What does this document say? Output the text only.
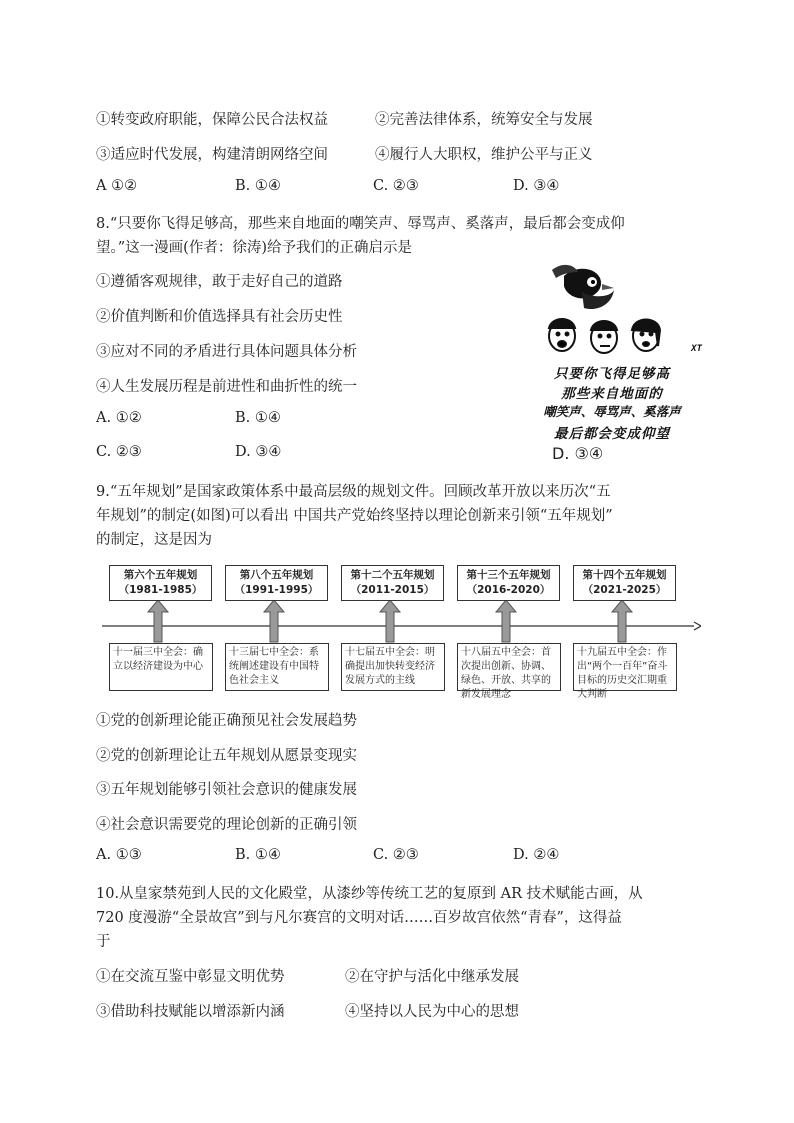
①转变政府职能，保障公民合法权益	②完善法律体系，统筹安全与发展
③适应时代发展，构建清朗网络空间	④履行人大职权，维护公平与正义
A ①②	B. ①④	C. ②③	D. ③④
8.“只要你飞得足够高，那些来自地面的嘲笑声、辱骂声、奚落声，最后都会变成仰
望。”这一漫画(作者：徐涛)给予我们的正确启示是
①遵循客观规律，敢于走好自己的道路
②价值判断和价值选择具有社会历史性
③应对不同的矛盾进行具体问题具体分析
④人生发展历程是前进性和曲折性的统一
A. ①②	B. ①④
C. ②③	D. ③④
XT
只要你飞得足够高
那些来自地面的
嘲笑声、辱骂声、奚落声
最后都会变成仰望
D. ③④
9.“五年规划”是国家政策体系中最高层级的规划文件。回顾改革开放以来历次“五
年规划”的制定(如图)可以看出 中国共产党始终坚持以理论创新来引领“五年规划”
的制定，这是因为
第六个五年规划
（1981-1985）
第八个五年规划
（1991-1995）
第十二个五年规划
（2011-2015）
第十三个五年规划
（2016-2020）
第十四个五年规划
（2021-2025）
十一届三中全会：确立以经济建设为中心
十三届七中全会：系统阐述建设有中国特色社会主义
十七届五中全会：明确提出加快转变经济发展方式的主线
十八届五中全会：首次提出创新、协调、绿色、开放、共享的新发展理念
十九届五中全会：作出“两个一百年”奋斗目标的历史交汇期重大判断
①党的创新理论能正确预见社会发展趋势
②党的创新理论让五年规划从愿景变现实
③五年规划能够引领社会意识的健康发展
④社会意识需要党的理论创新的正确引领
A. ①③	B. ①④	C. ②③	D. ②④
10.从皇家禁苑到人民的文化殿堂，从漆纱等传统工艺的复原到 AR 技术赋能古画，从
720 度漫游“全景故宫”到与凡尔赛宫的文明对话……百岁故宫依然“青春”，这得益
于
①在交流互鉴中彰显文明优势	②在守护与活化中继承发展
③借助科技赋能以增添新内涵	④坚持以人民为中心的思想
